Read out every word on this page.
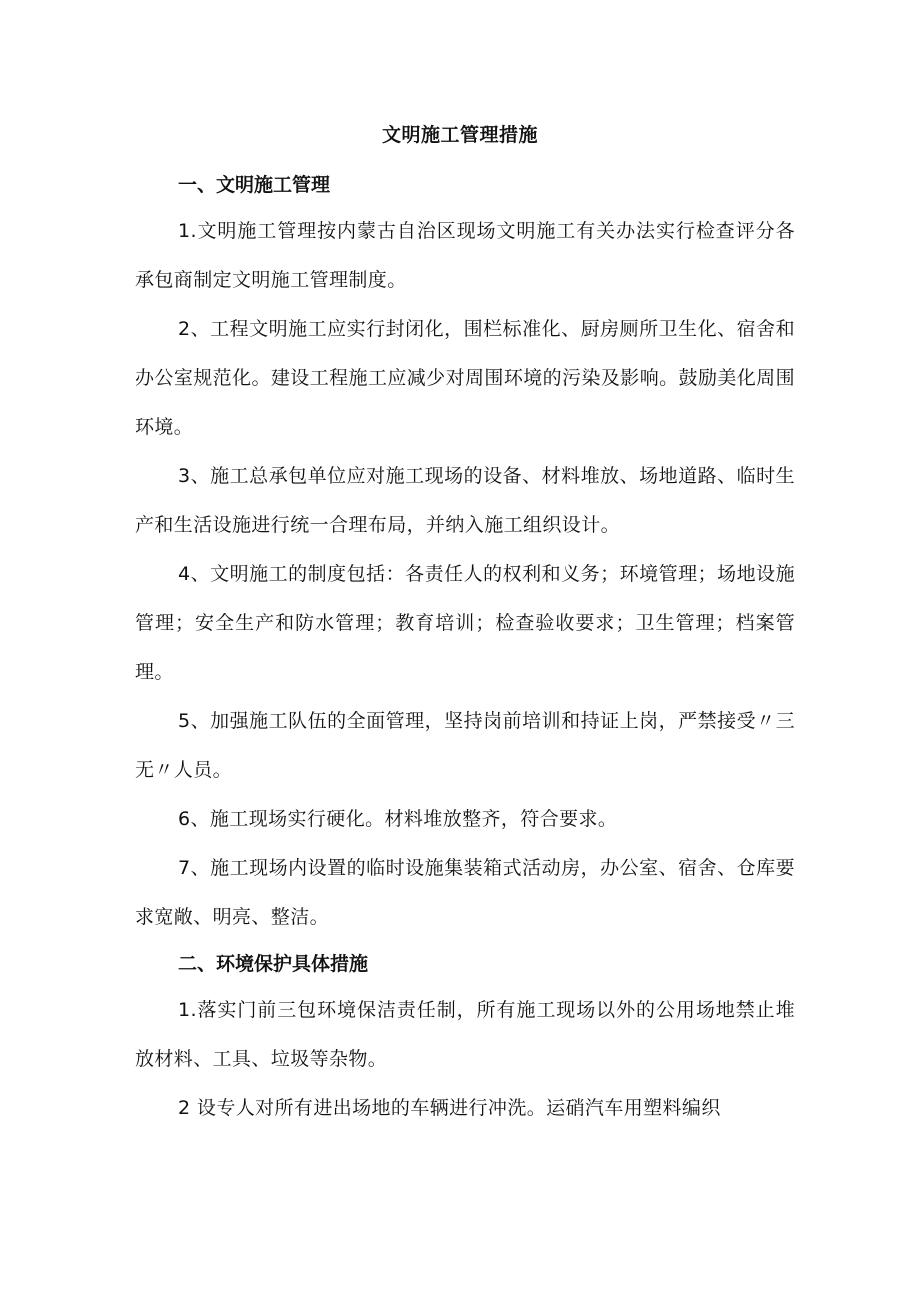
文明施工管理措施
一、文明施工管理

1.文明施工管理按内蒙古自治区现场文明施工有关办法实行检查评分各承包商制定文明施工管理制度。

2、工程文明施工应实行封闭化，围栏标准化、厨房厕所卫生化、宿舍和办公室规范化。建设工程施工应减少对周围环境的污染及影响。鼓励美化周围环境。

3、施工总承包单位应对施工现场的设备、材料堆放、场地道路、临时生产和生活设施进行统一合理布局，并纳入施工组织设计。

4、文明施工的制度包括：各责任人的权利和义务；环境管理；场地设施管理；安全生产和防水管理；教育培训；检查验收要求；卫生管理；档案管理。

5、加强施工队伍的全面管理，坚持岗前培训和持证上岗，严禁接受〃三无〃人员。

6、施工现场实行硬化。材料堆放整齐，符合要求。

7、施工现场内设置的临时设施集装箱式活动房，办公室、宿舍、仓库要求宽敞、明亮、整洁。

二、环境保护具体措施

1.落实门前三包环境保洁责任制，所有施工现场以外的公用场地禁止堆放材料、工具、垃圾等杂物。

2 设专人对所有进出场地的车辆进行冲洗。运硝汽车用塑料编织
